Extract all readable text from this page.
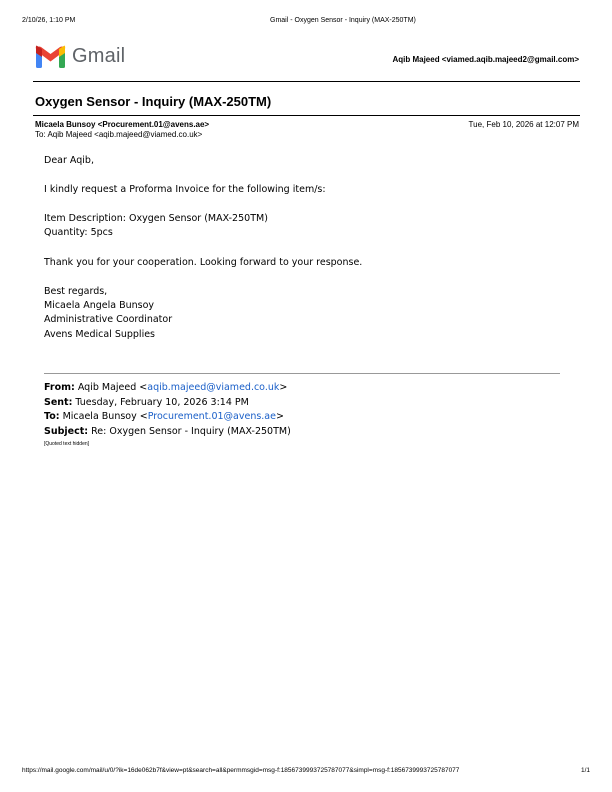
2/10/26, 1:10 PM	Gmail - Oxygen Sensor - Inquiry (MAX-250TM)
Gmail	Aqib Majeed <viamed.aqib.majeed2@gmail.com>
Oxygen Sensor - Inquiry (MAX-250TM)
Micaela Bunsoy <Procurement.01@avens.ae>	Tue, Feb 10, 2026 at 12:07 PM
To: Aqib Majeed <aqib.majeed@viamed.co.uk>
Dear Aqib,
I kindly request a Proforma Invoice for the following item/s:
Item Description: Oxygen Sensor (MAX-250TM)
Quantity: 5pcs
Thank you for your cooperation. Looking forward to your response.
Best regards,
Micaela Angela Bunsoy
Administrative Coordinator
Avens Medical Supplies
From: Aqib Majeed <aqib.majeed@viamed.co.uk>
Sent: Tuesday, February 10, 2026 3:14 PM
To: Micaela Bunsoy <Procurement.01@avens.ae>
Subject: Re: Oxygen Sensor - Inquiry (MAX-250TM)
[Quoted text hidden]
https://mail.google.com/mail/u/0/?ik=16de062b7f&view=pt&search=all&permmsgid=msg-f:1856739993725787077&simpl=msg-f:1856739993725787077	1/1
